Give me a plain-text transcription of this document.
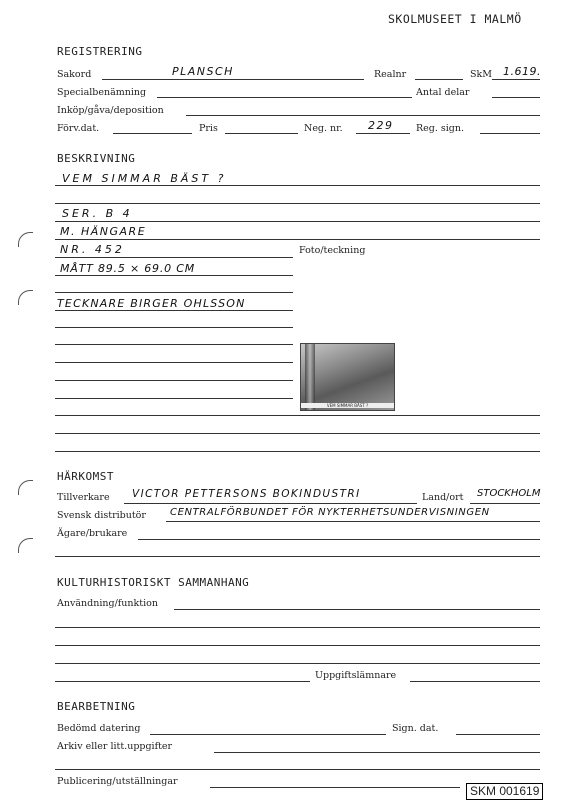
SKOLMUSEET I MALMÖ
REGISTRERING
Sakord	PLANSCH	Realnr	SkM 1.619.
Specialbenämning	Antal delar
Inköp/gåva/deposition
Förv.dat.	Pris	Neg. nr. 229 Reg. sign.
BESKRIVNING
VEM SIMMAR BÄST ?
SER. B 4
M. HÄNGARE
NR. 452	Foto/teckning
MÅTT 89.5 × 69.0 CM
TECKNARE BIRGER OHLSSON
VEM SIMMAR BÄST ?
HÄRKOMST
Tillverkare VICTOR PETTERSONS BOKINDUSTRI	Land/ort STOCKHOLM
Svensk distributör CENTRALFÖRBUNDET FÖR NYKTERHETSUNDERVISNINGEN
Ägare/brukare
KULTURHISTORISKT SAMMANHANG
Användning/funktion
Uppgiftslämnare
BEARBETNING
Bedömd datering	Sign. dat.
Arkiv eller litt.uppgifter
Publicering/utställningar
SKM 001619
